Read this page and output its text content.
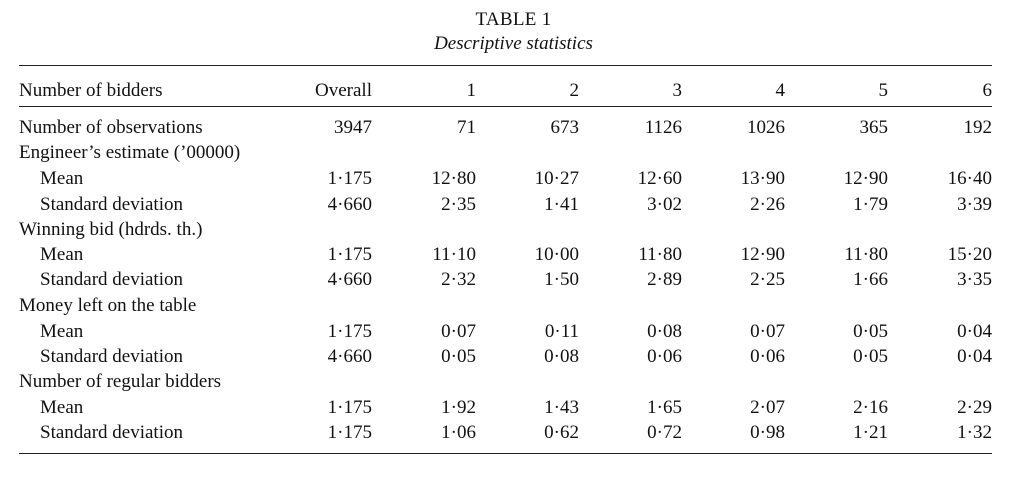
TABLE 1
Descriptive statistics
Number of bidders	Overall	1	2	3	4	5	6
Number of observations	3947	71	673	1126	1026	365	192
Engineer’s estimate (’00000)
Mean	1·175	12·80	10·27	12·60	13·90	12·90	16·40
Standard deviation	4·660	2·35	1·41	3·02	2·26	1·79	3·39
Winning bid (hdrds. th.)
Mean	1·175	11·10	10·00	11·80	12·90	11·80	15·20
Standard deviation	4·660	2·32	1·50	2·89	2·25	1·66	3·35
Money left on the table
Mean	1·175	0·07	0·11	0·08	0·07	0·05	0·04
Standard deviation	4·660	0·05	0·08	0·06	0·06	0·05	0·04
Number of regular bidders
Mean	1·175	1·92	1·43	1·65	2·07	2·16	2·29
Standard deviation	1·175	1·06	0·62	0·72	0·98	1·21	1·32
